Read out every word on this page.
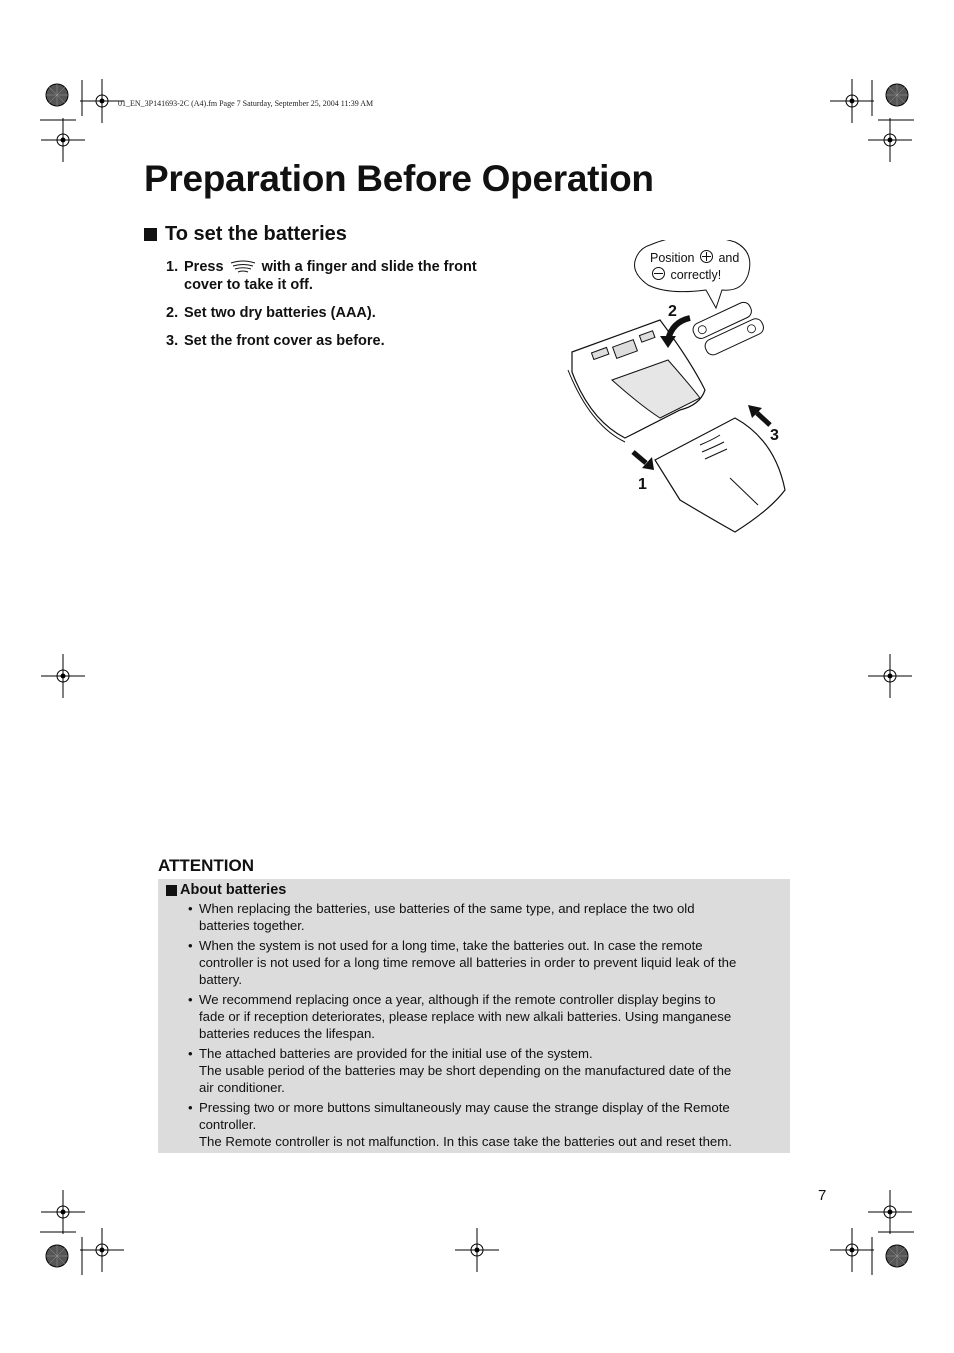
01_EN_3P141693-2C (A4).fm Page 7 Saturday, September 25, 2004 11:39 AM
Preparation Before Operation
To set the batteries
1. Press	with a finger and slide the front cover to take it off.
2. Set two dry batteries (AAA).
3. Set the front cover as before.
Position and
correctly!
1
2
3
ATTENTION
About batteries
• When replacing the batteries, use batteries of the same type, and replace the two old
batteries together.
• When the system is not used for a long time, take the batteries out. In case the remote
controller is not used for a long time remove all batteries in order to prevent liquid leak of the
battery.
• We recommend replacing once a year, although if the remote controller display begins to
fade or if reception deteriorates, please replace with new alkali batteries. Using manganese
batteries reduces the lifespan.
• The attached batteries are provided for the initial use of the system.
The usable period of the batteries may be short depending on the manufactured date of the
air conditioner.
• Pressing two or more buttons simultaneously may cause the strange display of the Remote
controller.
The Remote controller is not malfunction. In this case take the batteries out and reset them.
7
